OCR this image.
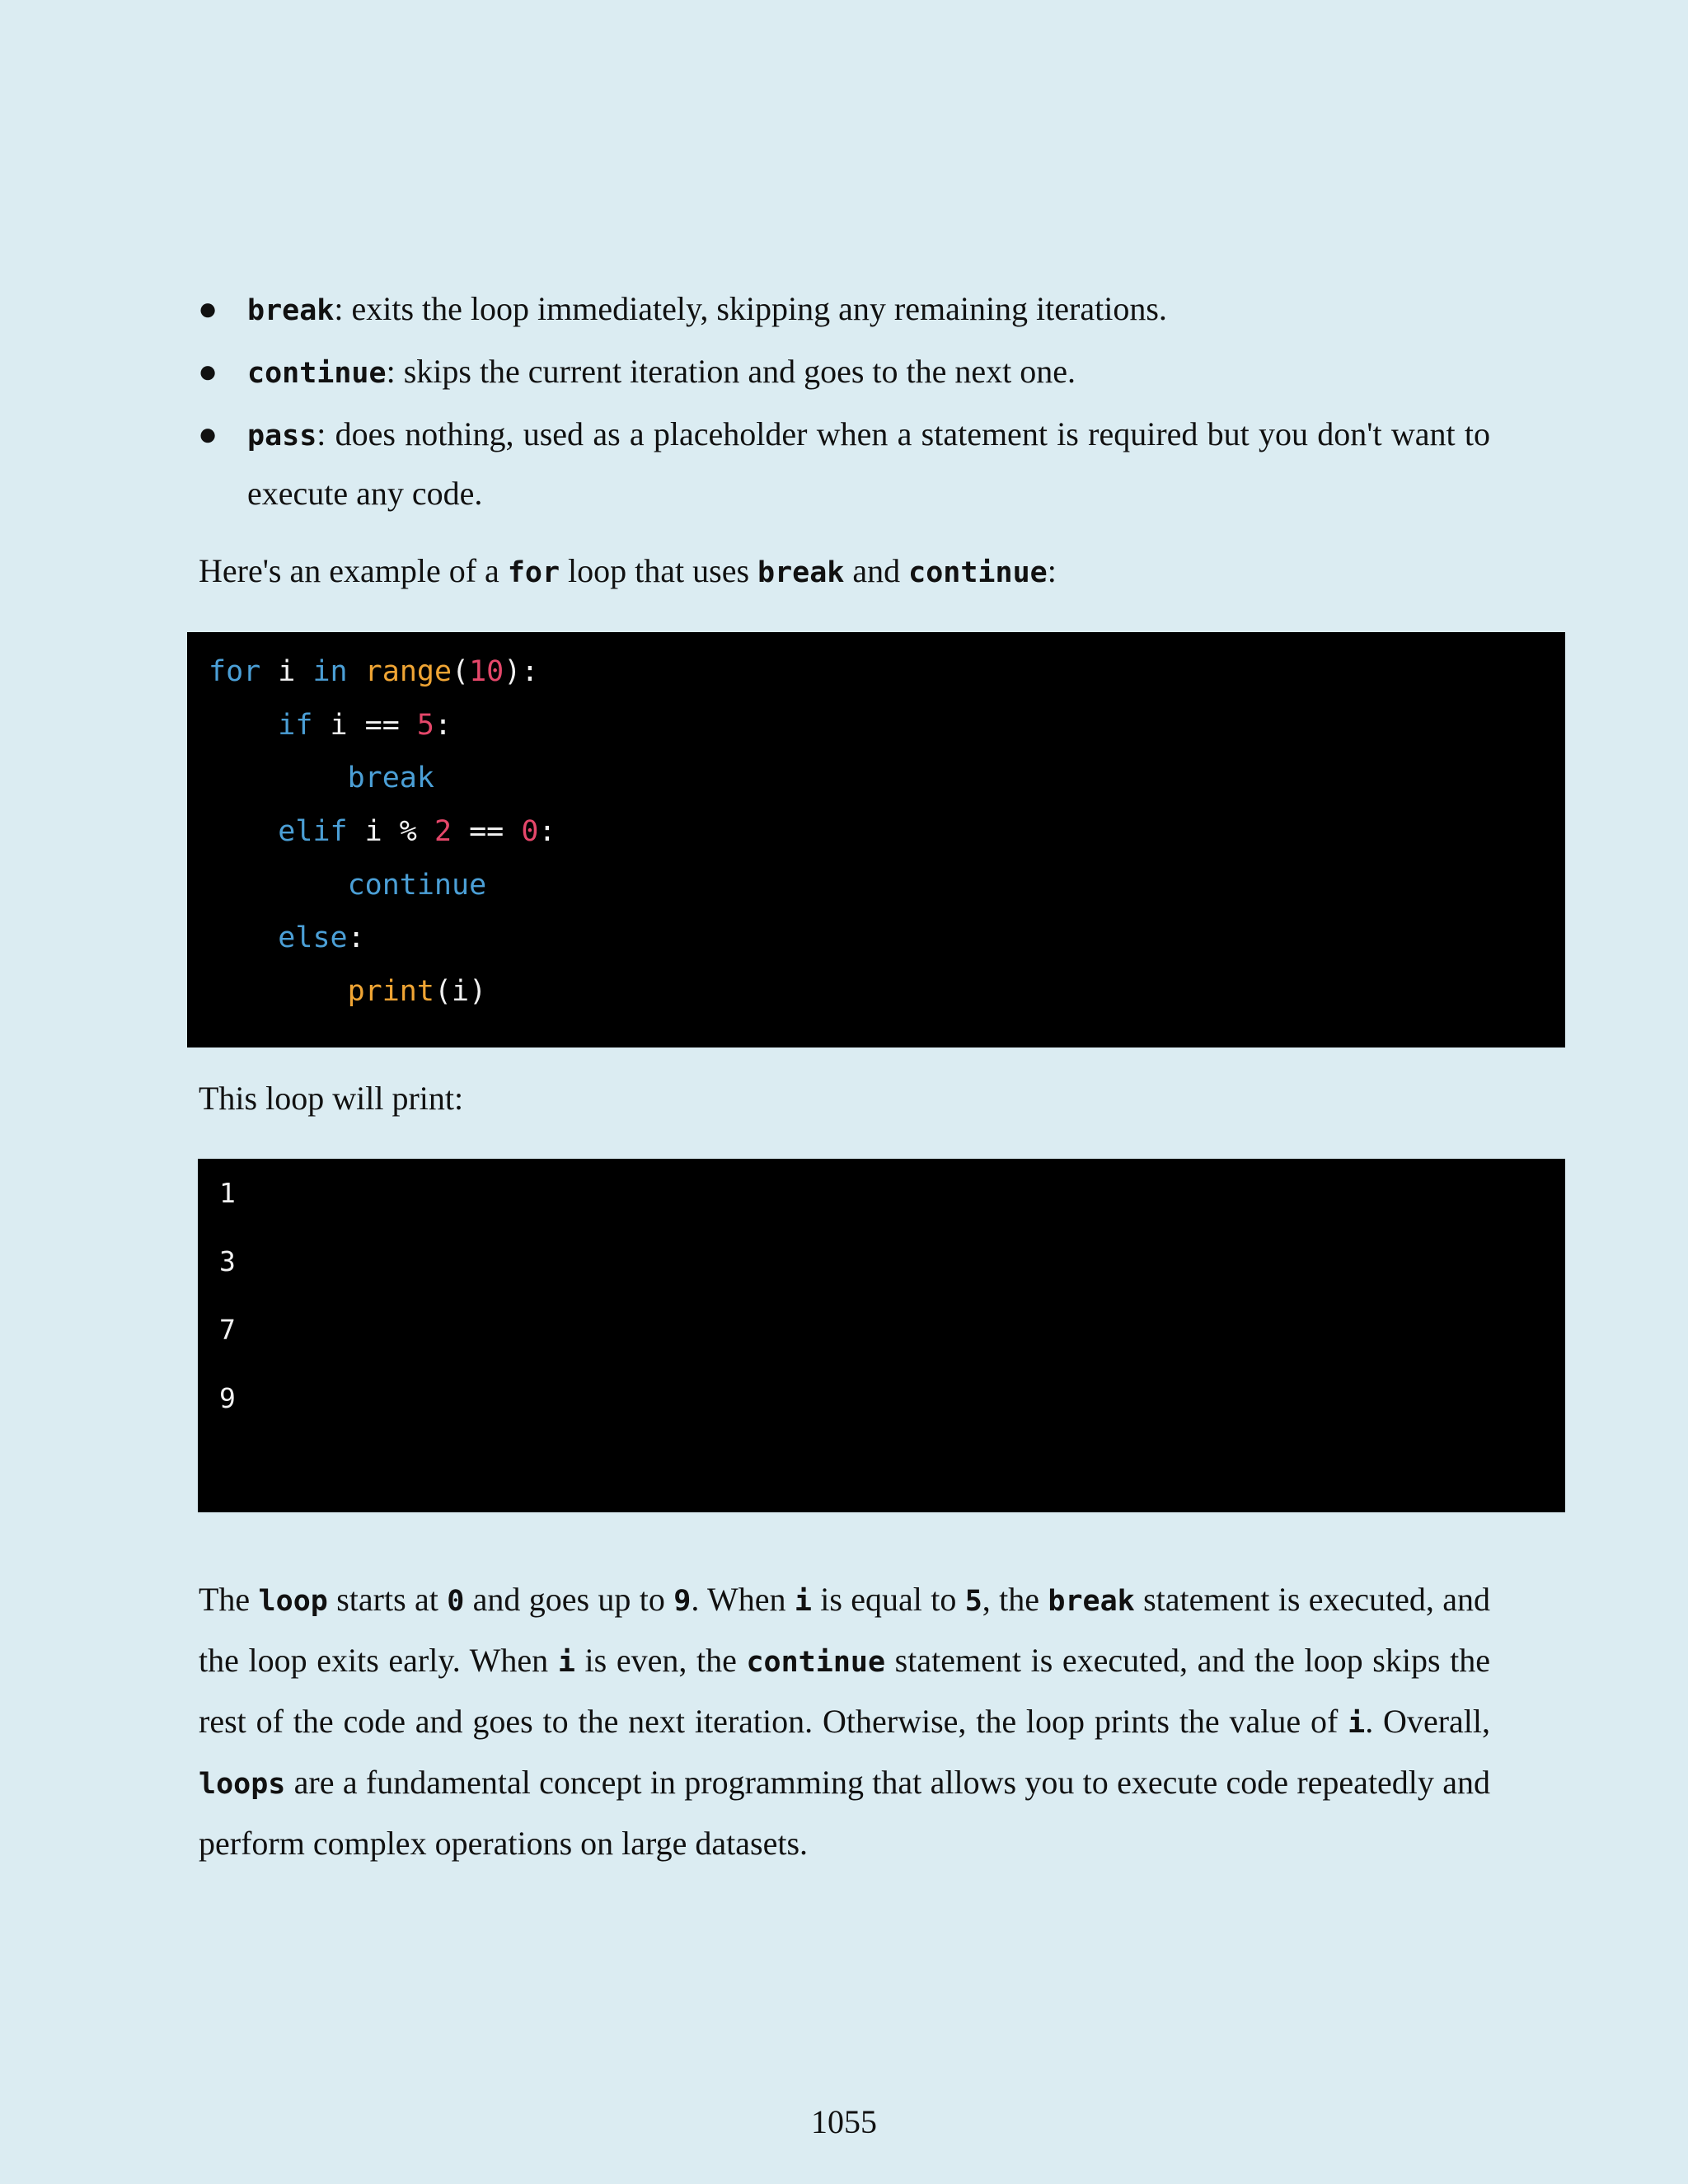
● break: exits the loop immediately, skipping any remaining iterations.
● continue: skips the current iteration and goes to the next one.
● pass: does nothing, used as a placeholder when a statement is required but you don't want to execute any code.

Here's an example of a for loop that uses break and continue:

for i in range(10):
if i == 5:
break
elif i % 2 == 0:
continue
else:
print(i)

This loop will print:

1
3
7
9

The loop starts at 0 and goes up to 9. When i is equal to 5, the break statement is executed, and the loop exits early. When i is even, the continue statement is executed, and the loop skips the rest of the code and goes to the next iteration. Otherwise, the loop prints the value of i. Overall, loops are a fundamental concept in programming that allows you to execute code repeatedly and perform complex operations on large datasets.

1055
